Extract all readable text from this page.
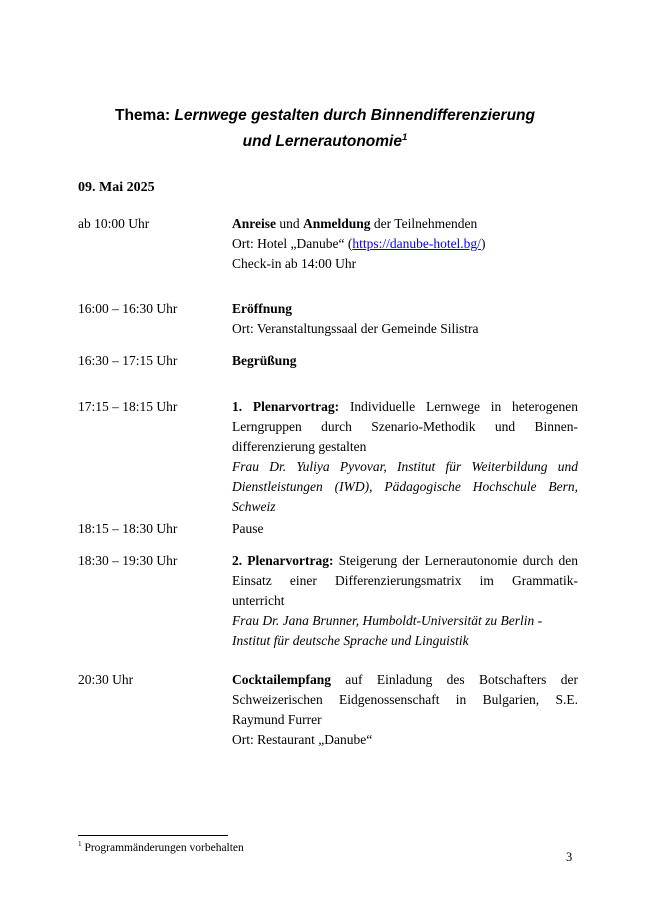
Thema: Lernwege gestalten durch Binnendifferenzierung
und Lernerautonomie$^1$
09. Mai 2025
ab 10:00 Uhr	Anreise und Anmeldung der Teilnehmenden
Ort: Hotel „Danube“ (https://danube-hotel.bg/)
Check-in ab 14:00 Uhr
16:00 – 16:30 Uhr	Eröffnung
Ort: Veranstaltungssaal der Gemeinde Silistra
16:30 – 17:15 Uhr	Begrüßung
17:15 – 18:15 Uhr	1. Plenarvortrag: Individuelle Lernwege in heterogenen
Lerngruppen durch Szenario-Methodik und Binnen-
differenzierung gestalten
Frau Dr. Yuliya Pyvovar, Institut für Weiterbildung und
Dienstleistungen (IWD), Pädagogische Hochschule Bern,
Schweiz
18:15 – 18:30 Uhr	Pause
18:30 – 19:30 Uhr	2. Plenarvortrag: Steigerung der Lernerautonomie durch den
Einsatz einer Differenzierungsmatrix im Grammatik-
unterricht
Frau Dr. Jana Brunner, Humboldt-Universität zu Berlin -
Institut für deutsche Sprache und Linguistik
20:30 Uhr	Cocktailempfang auf Einladung des Botschafters der
Schweizerischen Eidgenossenschaft in Bulgarien, S.E.
Raymund Furrer
Ort: Restaurant „Danube“
$^1$ Programmänderungen vorbehalten
3
